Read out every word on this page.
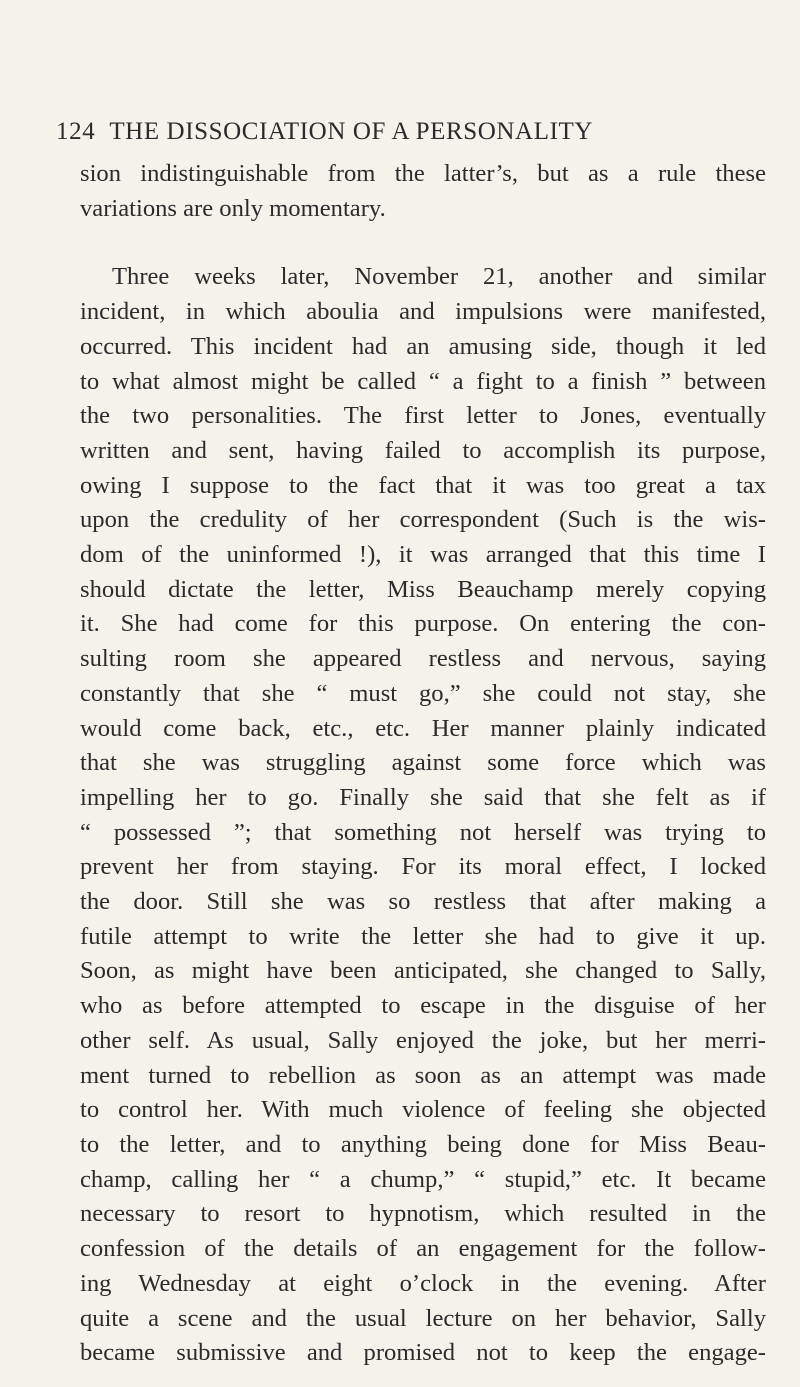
124 THE DISSOCIATION OF A PERSONALITY
sion indistinguishable from the latter’s, but as a rule these
variations are only momentary.
Three weeks later, November 21, another and similar
incident, in which aboulia and impulsions were manifested,
occurred. This incident had an amusing side, though it led
to what almost might be called “ a fight to a finish ” between
the two personalities. The first letter to Jones, eventually
written and sent, having failed to accomplish its purpose,
owing I suppose to the fact that it was too great a tax
upon the credulity of her correspondent (Such is the wis-
dom of the uninformed !), it was arranged that this time I
should dictate the letter, Miss Beauchamp merely copying
it. She had come for this purpose. On entering the con-
sulting room she appeared restless and nervous, saying
constantly that she “ must go,” she could not stay, she
would come back, etc., etc. Her manner plainly indicated
that she was struggling against some force which was
impelling her to go. Finally she said that she felt as if
“ possessed ”; that something not herself was trying to
prevent her from staying. For its moral effect, I locked
the door. Still she was so restless that after making a
futile attempt to write the letter she had to give it up.
Soon, as might have been anticipated, she changed to Sally,
who as before attempted to escape in the disguise of her
other self. As usual, Sally enjoyed the joke, but her merri-
ment turned to rebellion as soon as an attempt was made
to control her. With much violence of feeling she objected
to the letter, and to anything being done for Miss Beau-
champ, calling her “ a chump,” “ stupid,” etc. It became
necessary to resort to hypnotism, which resulted in the
confession of the details of an engagement for the follow-
ing Wednesday at eight o’clock in the evening. After
quite a scene and the usual lecture on her behavior, Sally
became submissive and promised not to keep the engage-
